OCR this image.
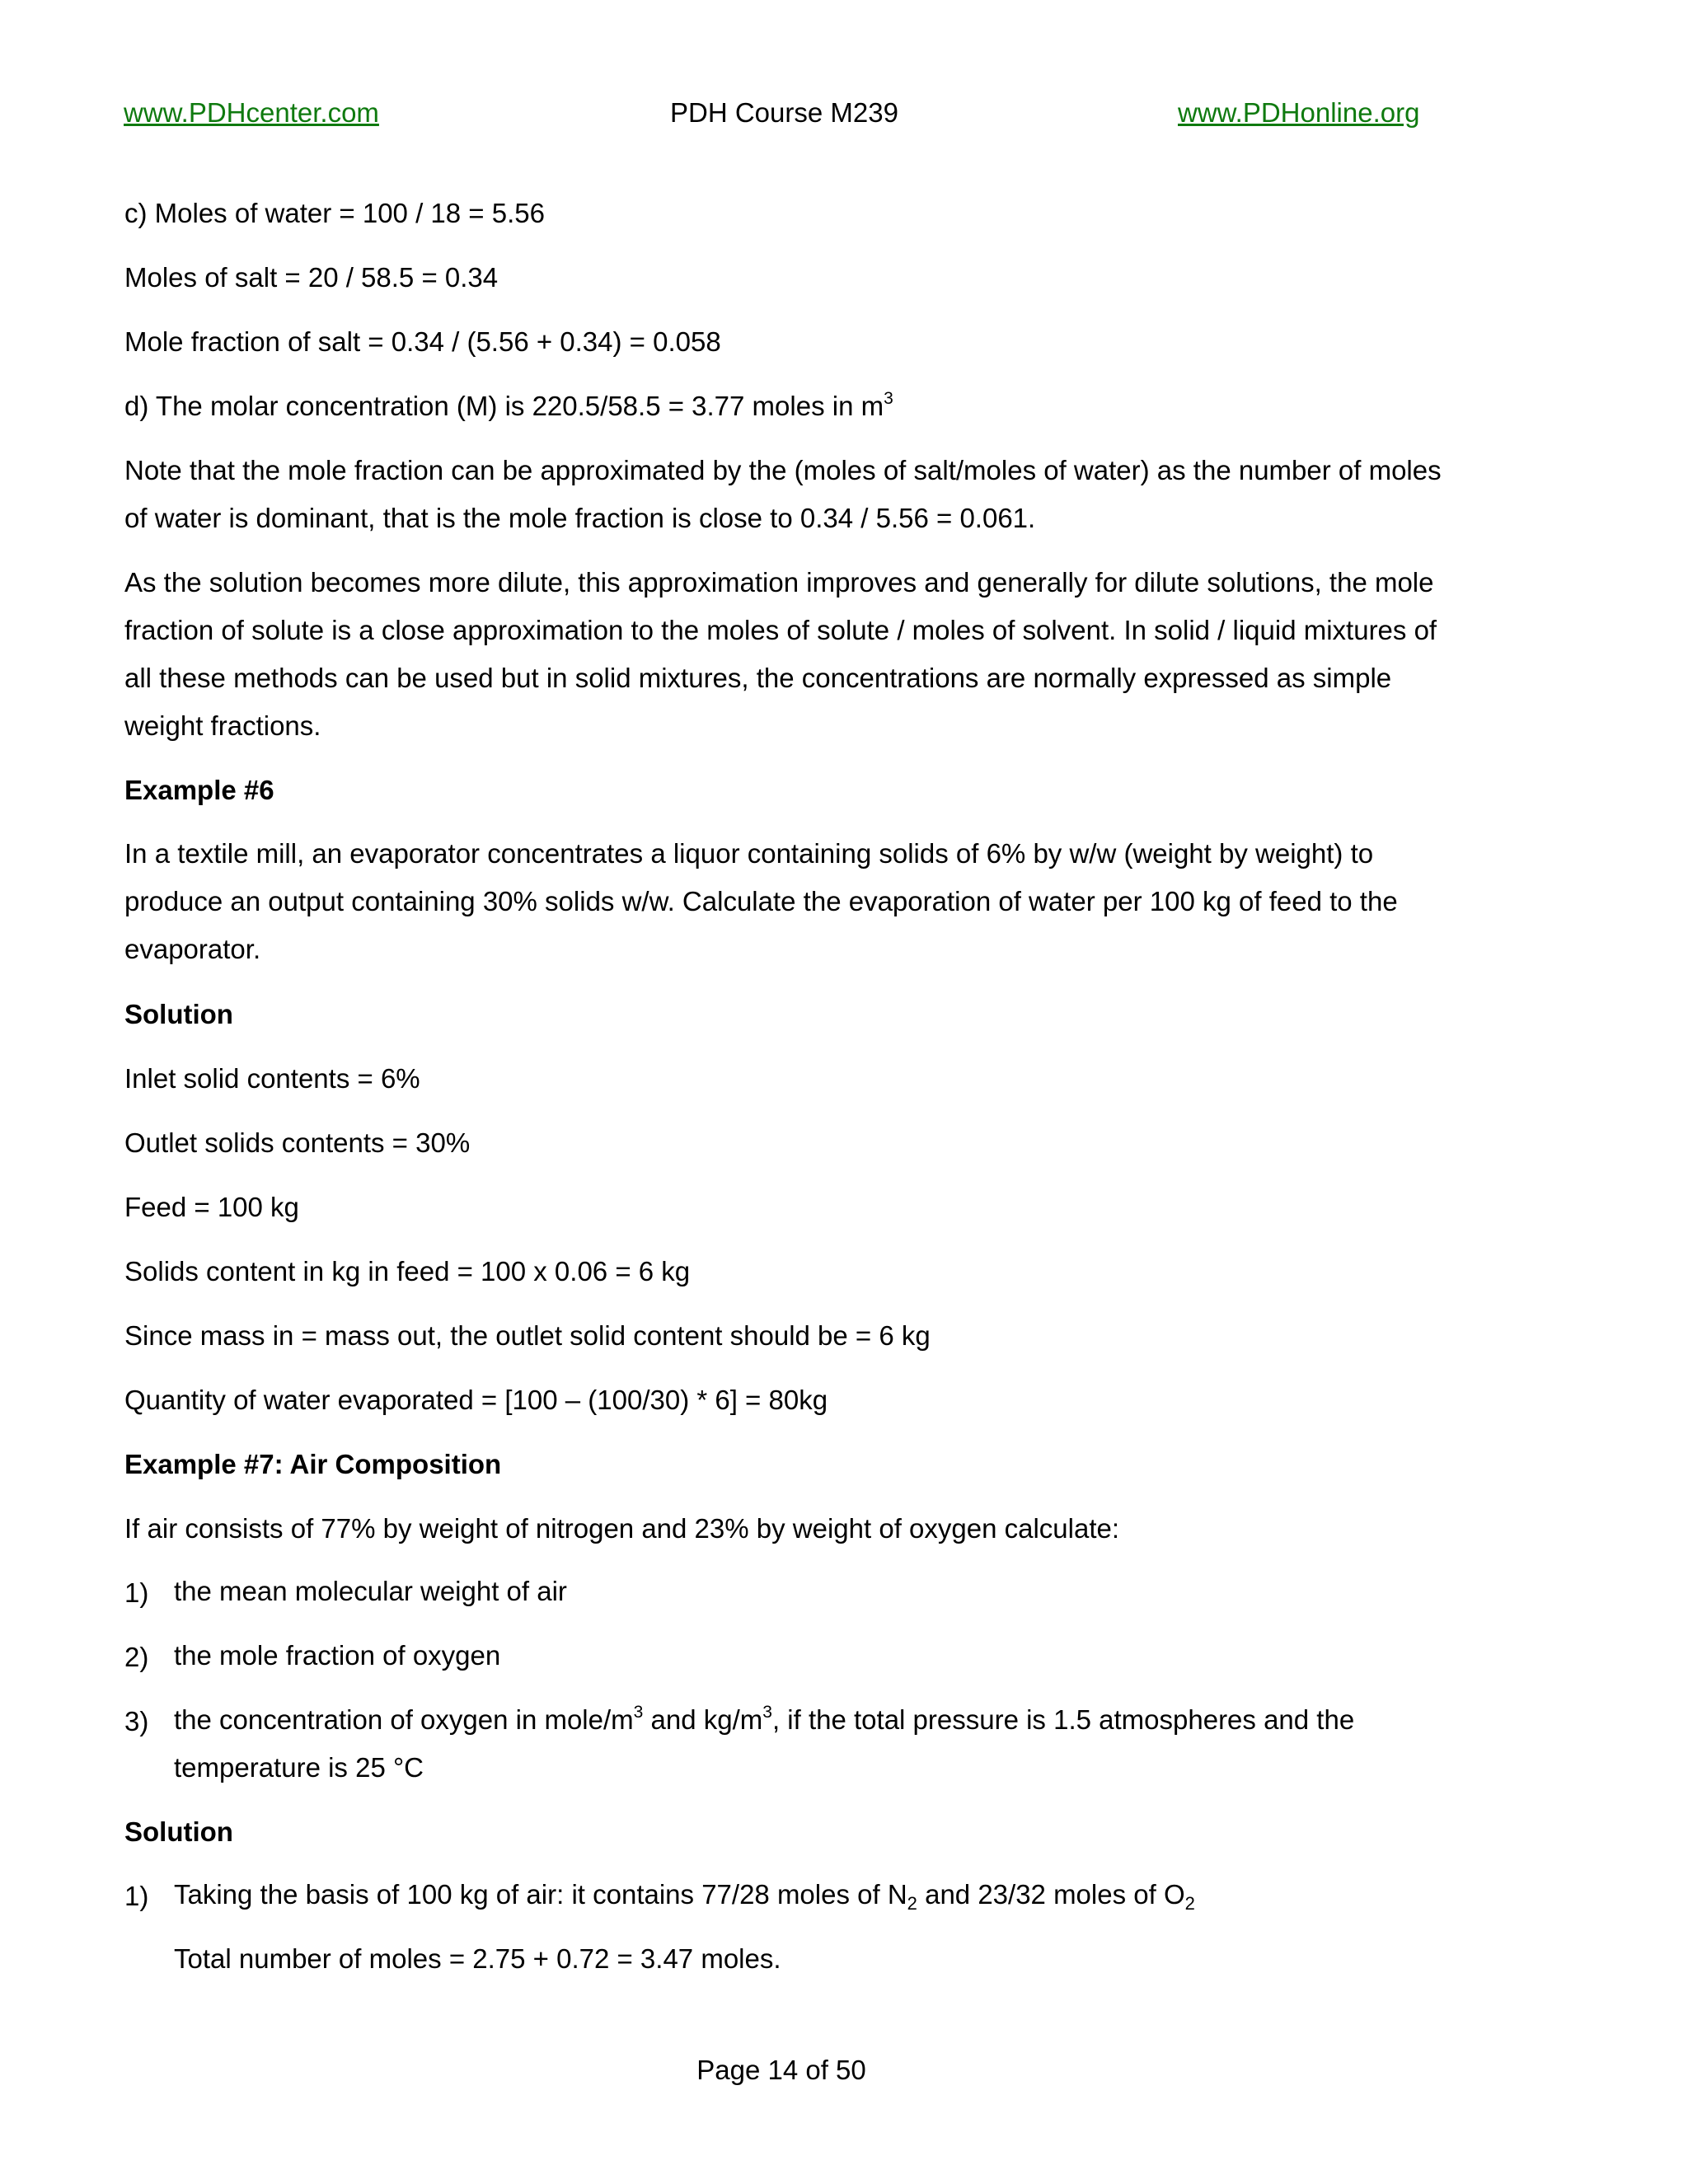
www.PDHcenter.com	PDH Course M239	www.PDHonline.org
c) Moles of water = 100 / 18 = 5.56
Moles of salt = 20 / 58.5 = 0.34
Mole fraction of salt = 0.34 / (5.56 + 0.34) = 0.058
d) The molar concentration (M) is 220.5/58.5 = 3.77 moles in $m^3$
Note that the mole fraction can be approximated by the (moles of salt/moles of water) as the number of moles of water is dominant, that is the mole fraction is close to 0.34 / 5.56 = 0.061.
As the solution becomes more dilute, this approximation improves and generally for dilute solutions, the mole fraction of solute is a close approximation to the moles of solute / moles of solvent. In solid / liquid mixtures of all these methods can be used but in solid mixtures, the concentrations are normally expressed as simple weight fractions.
Example #6
In a textile mill, an evaporator concentrates a liquor containing solids of 6% by w/w (weight by weight) to produce an output containing 30% solids w/w. Calculate the evaporation of water per 100 kg of feed to the evaporator.
Solution
Inlet solid contents = 6%
Outlet solids contents = 30%
Feed = 100 kg
Solids content in kg in feed = 100 x 0.06 = 6 kg
Since mass in = mass out, the outlet solid content should be = 6 kg
Quantity of water evaporated = [100 – (100/30) * 6] = 80kg
Example #7: Air Composition
If air consists of 77% by weight of nitrogen and 23% by weight of oxygen calculate:
1) the mean molecular weight of air
2) the mole fraction of oxygen
3) the concentration of oxygen in mole/$m^3$ and $kg/m^3$, if the total pressure is 1.5 atmospheres and the
temperature is 25 °C
Solution
1) Taking the basis of 100 kg of air: it contains 77/28 moles of $N_2$ and 23/32 moles of $O_2$
Total number of moles = 2.75 + 0.72 = 3.47 moles.
Page 14 of 50
